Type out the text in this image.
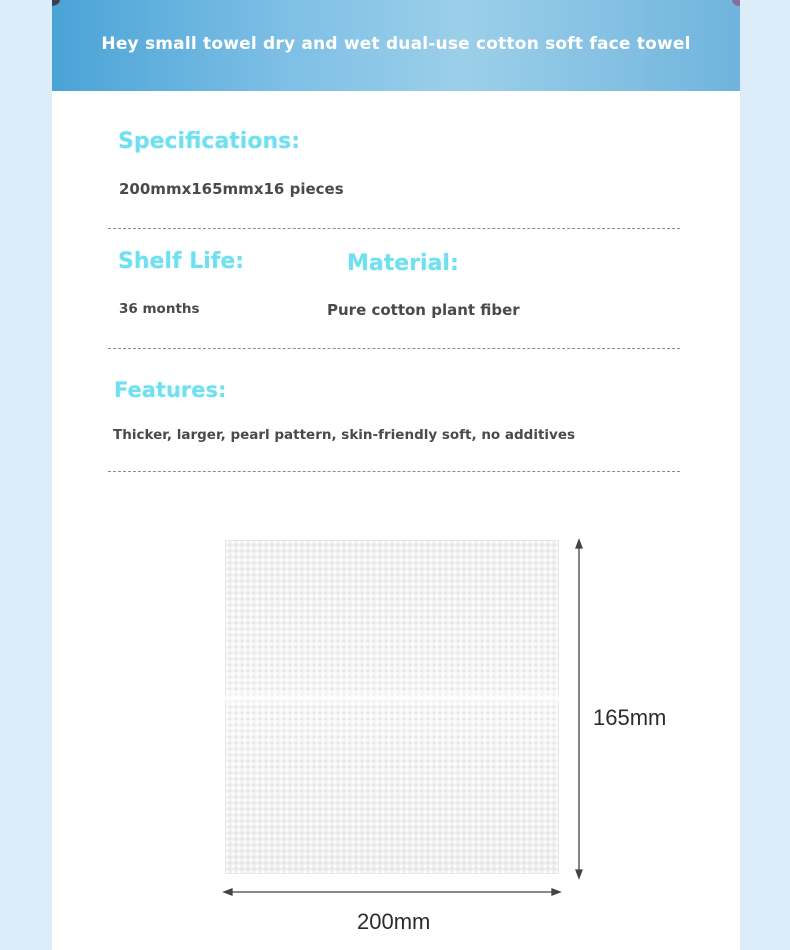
Hey small towel dry and wet dual-use cotton soft face towel
Specifications:
200mmx165mmx16 pieces
Shelf Life:
36 months
Material:
Pure cotton plant fiber
Features:
Thicker, larger, pearl pattern, skin-friendly soft, no additives
165mm
200mm
